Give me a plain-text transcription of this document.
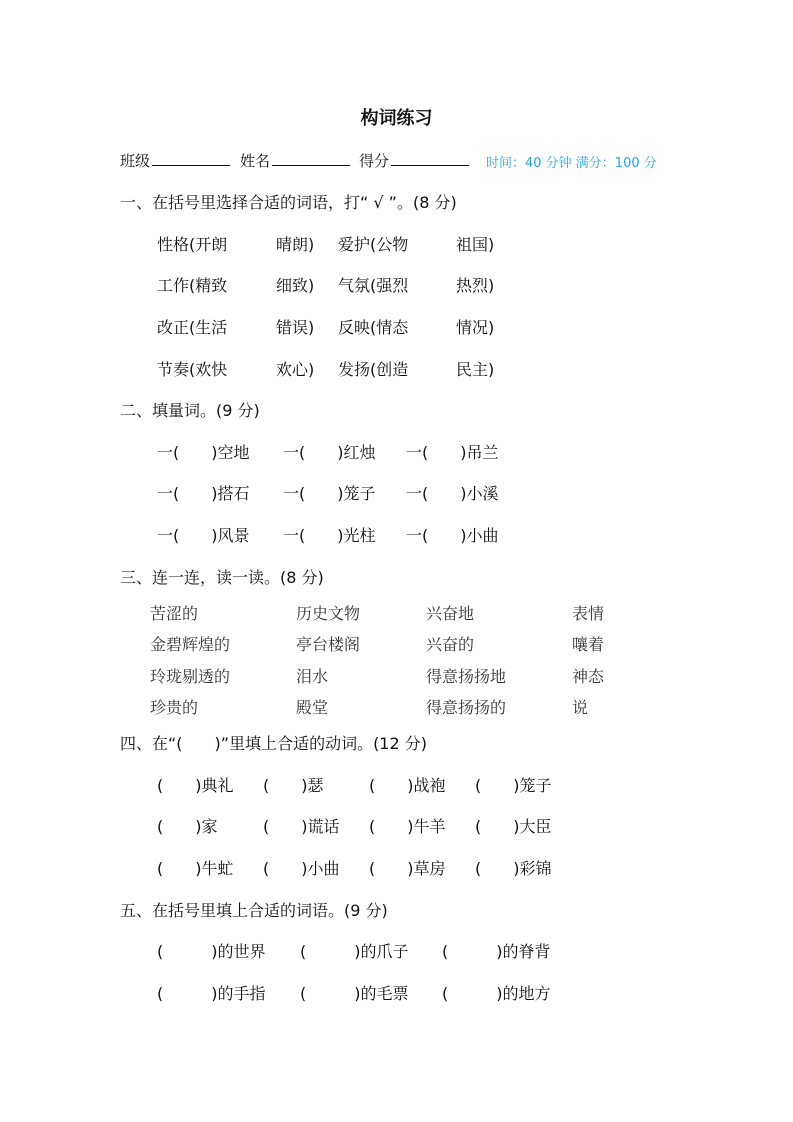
构词练习
班级	姓名	得分	时间：40 分钟 满分：100 分
一、在括号里选择合适的词语，打“ √ ”。(8 分)
性格(开朗	晴朗) 爱护(公物	祖国)
工作(精致	细致) 气氛(强烈	热烈)
改正(生活	错误) 反映(情态	情况)
节奏(欢快	欢心) 发扬(创造	民主)
二、填量词。(9 分)
一(　　)空地 一(　　)红烛 一(　　)吊兰
一(　　)搭石 一(　　)笼子 一(　　)小溪
一(　　)风景 一(　　)光柱 一(　　)小曲
三、连一连，读一读。(8 分)
苦涩的	历史文物	兴奋地	表情
金碧辉煌的	亭台楼阁	兴奋的	嚷着
玲珑剔透的	泪水	得意扬扬地	神态
珍贵的	殿堂	得意扬扬的	说
四、在“(　　)”里填上合适的动词。(12 分)
(　　)典礼 (　　)瑟	(　　)战袍 (　　)笼子
(　　)家	(　　)谎话 (　　)牛羊 (　　)大臣
(　　)牛虻 (　　)小曲 (　　)草房 (　　)彩锦
五、在括号里填上合适的词语。(9 分)
(　　　)的世界 (　　　)的爪子 (　　　)的脊背
(　　　)的手指 (　　　)的毛票 (　　　)的地方
